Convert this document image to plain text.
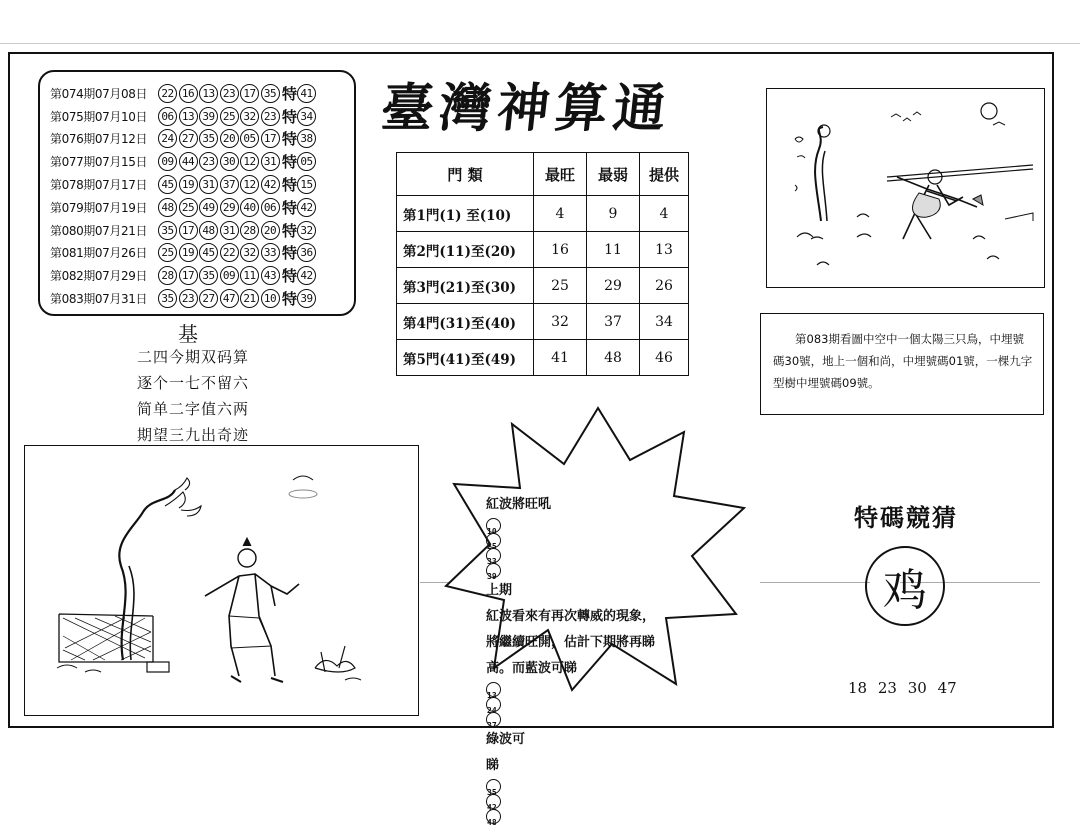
第074期07月08日	22 16 13 23 17 35 特 41
第075期07月10日	06 13 39 25 32 23 特 34
第076期07月12日	24 27 35 20 05 17 特 38
第077期07月15日	09 44 23 30 12 31 特 05
第078期07月17日	45 19 31 37 12 42 特 15
第079期07月19日	48 25 49 29 40 06 特 42
第080期07月21日	35 17 48 31 28 20 特 32
第081期07月26日	25 19 45 22 32 33 特 36
第082期07月29日	28 17 35 09 11 43 特 42
第083期07月31日	35 23 27 47 21 10 特 39
基
二四今期双码算
逐个一七不留六
简单二字值六两
期望三九出奇迹
臺灣神算通
門 類	最旺	最弱	提供
第1門(1) 至(10)	4	9	4
第2門(11)至(20)	16	11	13
第3門(21)至(30)	25	29	26
第4門(31)至(40)	32	37	34
第5門(41)至(49)	41	48	46

第083期看圖中空中一個太陽三只鳥，中埋號碼30號，地上一個和尚，中埋號碼01號，一棵九字型樹中埋號碼09號。

紅波將旺吼
10
25
33
39
上期
紅波看來有再次轉威的現象，
將繼續旺開，估計下期將再睇
高。而藍波可睇
13
24
37
綠波可
睇
35
42
48
特碼競猜
鸡
18 23 30 47
